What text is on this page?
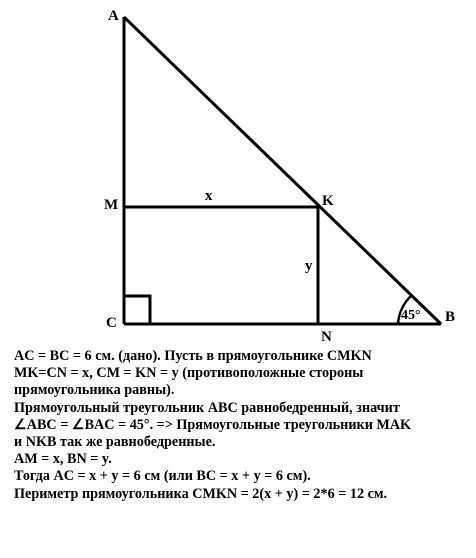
A
M	K
C
N
B
x
y
45°
AC = BC = 6 см. (дано). Пусть в прямоугольнике CMKN
MK=CN = x, CM = KN = y (противоположные стороны
прямоугольника равны).
Прямоугольный треугольник ABC равнобедренный, значит
∠ABC = ∠BAC = 45°. => Прямоугольные треугольники MAK
и NKB так же равнобедренные.
AM = x, BN = y.
Тогда AC = x + y = 6 см (или BC = x + y = 6 см).
Периметр прямоугольника CMKN = 2(x + y) = 2*6 = 12 см.
